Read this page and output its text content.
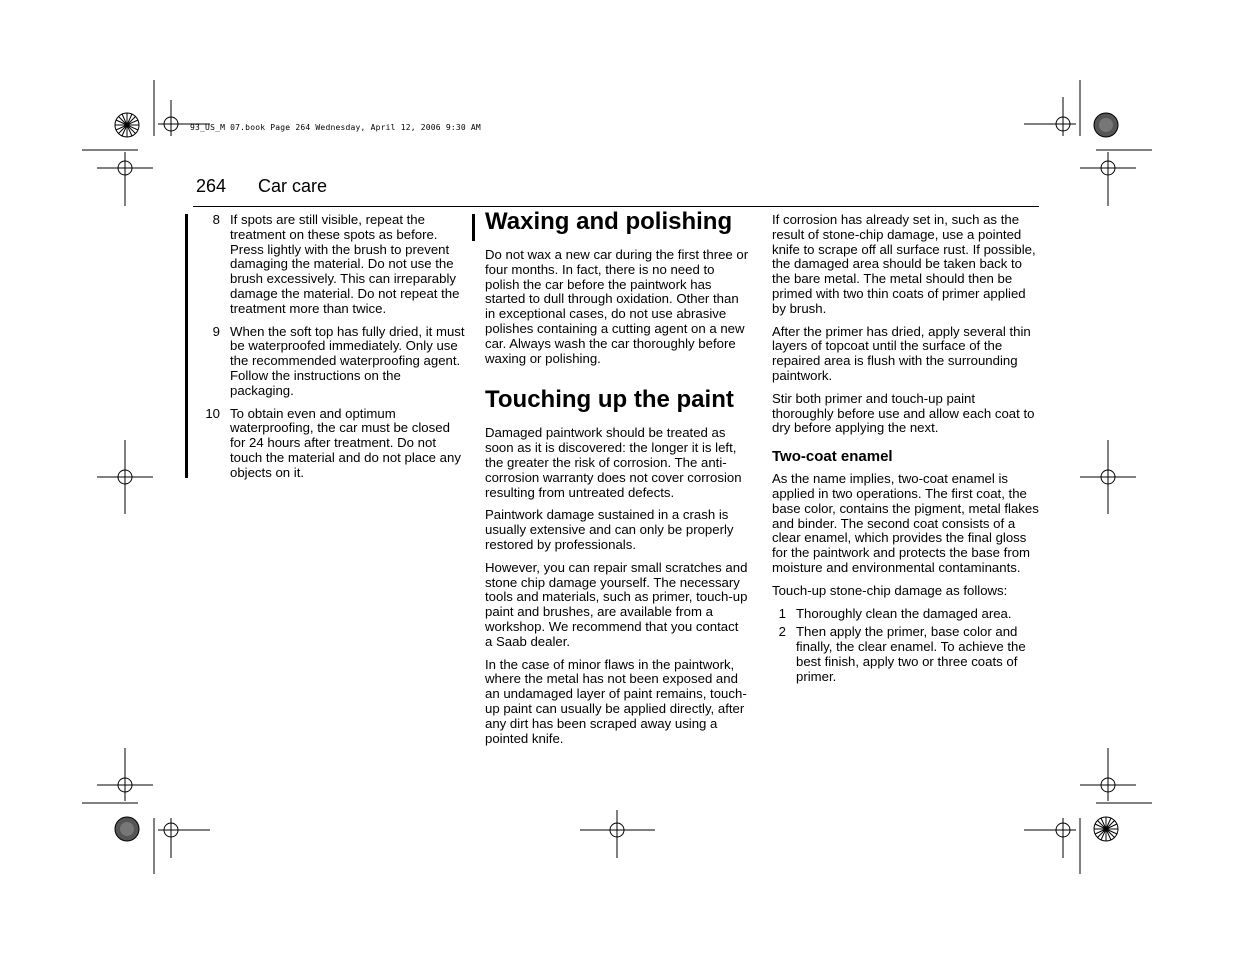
93_US_M 07.book Page 264 Wednesday, April 12, 2006 9:30 AM
264 Car care
8 If spots are still visible, repeat the treatment on these spots as before. Press lightly with the brush to prevent damaging the material. Do not use the brush excessively. This can irreparably damage the material. Do not repeat the treatment more than twice.
9 When the soft top has fully dried, it must be waterproofed immediately. Only use the recommended waterproofing agent. Follow the instructions on the packaging.
10 To obtain even and optimum waterproofing, the car must be closed for 24 hours after treatment. Do not touch the material and do not place any objects on it.
Waxing and polishing

Do not wax a new car during the first three or four months. In fact, there is no need to polish the car before the paintwork has started to dull through oxidation. Other than in exceptional cases, do not use abrasive polishes containing a cutting agent on a new car. Always wash the car thoroughly before waxing or polishing.

Touching up the paint

Damaged paintwork should be treated as soon as it is discovered: the longer it is left, the greater the risk of corrosion. The anti-corrosion warranty does not cover corrosion resulting from untreated defects.

Paintwork damage sustained in a crash is usually extensive and can only be properly restored by professionals.

However, you can repair small scratches and stone chip damage yourself. The necessary tools and materials, such as primer, touch-up paint and brushes, are available from a workshop. We recommend that you contact a Saab dealer.

In the case of minor flaws in the paintwork, where the metal has not been exposed and an undamaged layer of paint remains, touch-up paint can usually be applied directly, after any dirt has been scraped away using a pointed knife.

If corrosion has already set in, such as the result of stone-chip damage, use a pointed knife to scrape off all surface rust. If possible, the damaged area should be taken back to the bare metal. The metal should then be primed with two thin coats of primer applied by brush.

After the primer has dried, apply several thin layers of topcoat until the surface of the repaired area is flush with the surrounding paintwork.

Stir both primer and touch-up paint thoroughly before use and allow each coat to dry before applying the next.

Two-coat enamel

As the name implies, two-coat enamel is applied in two operations. The first coat, the base color, contains the pigment, metal flakes and binder. The second coat consists of a clear enamel, which provides the final gloss for the paintwork and protects the base from moisture and environmental contaminants.

Touch-up stone-chip damage as follows:

1 Thoroughly clean the damaged area.
2 Then apply the primer, base color and finally, the clear enamel. To achieve the best finish, apply two or three coats of primer.
